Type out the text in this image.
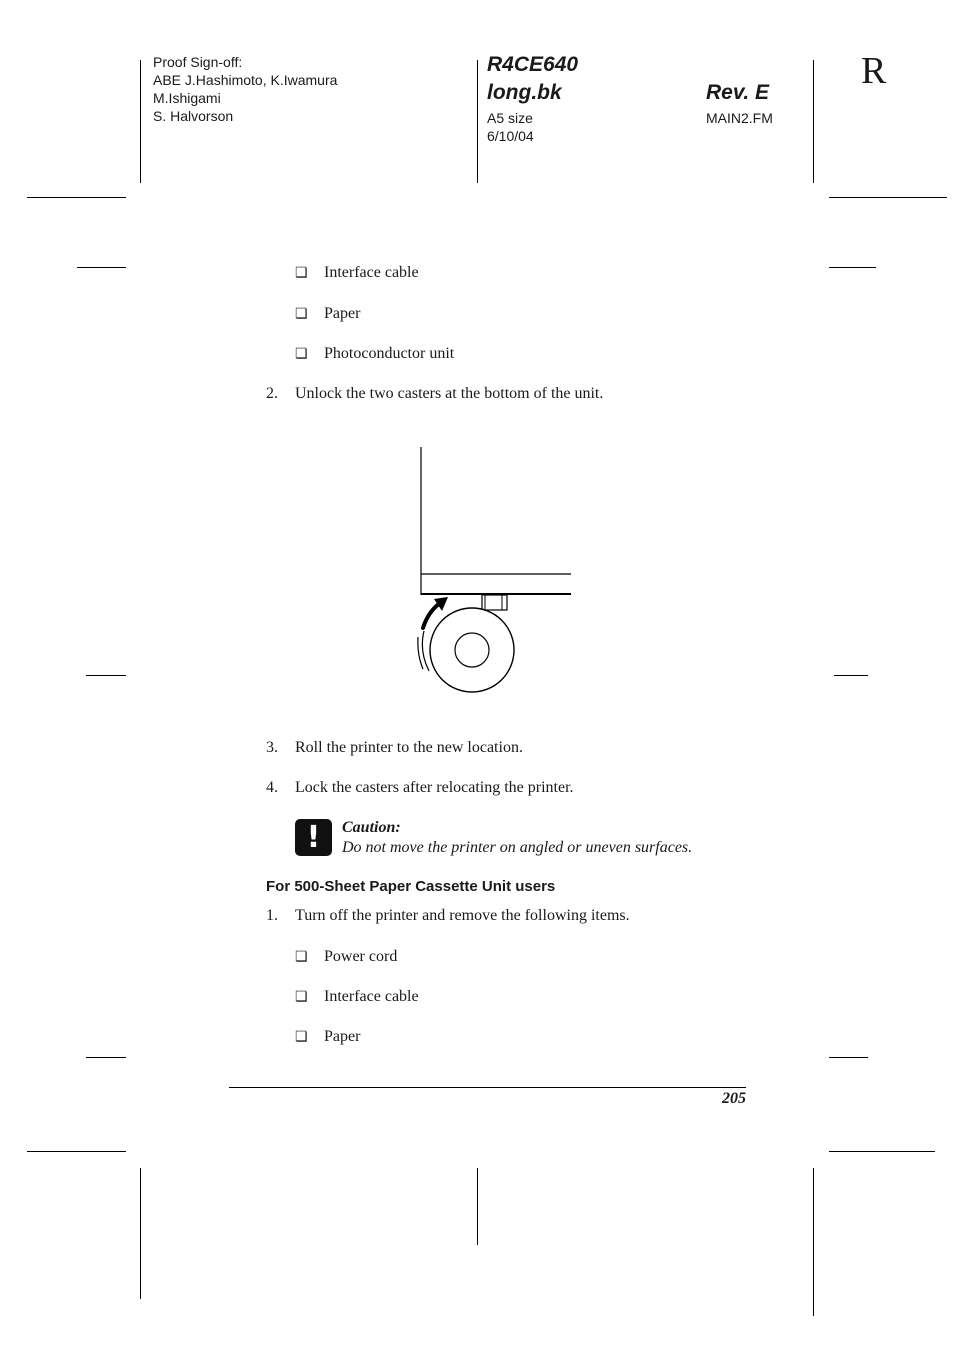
Proof Sign-off:
ABE J.Hashimoto, K.Iwamura
M.Ishigami
S. Halvorson
R4CE640
long.bk
A5 size
6/10/04
Rev. E
MAIN2.FM
R
❏ Interface cable
❏ Paper
❏ Photoconductor unit
2. Unlock the two casters at the bottom of the unit.
3. Roll the printer to the new location.
4. Lock the casters after relocating the printer.
!	Caution:
Do not move the printer on angled or uneven surfaces.
For 500-Sheet Paper Cassette Unit users
1. Turn off the printer and remove the following items.
❏ Power cord
❏ Interface cable
❏ Paper
205
